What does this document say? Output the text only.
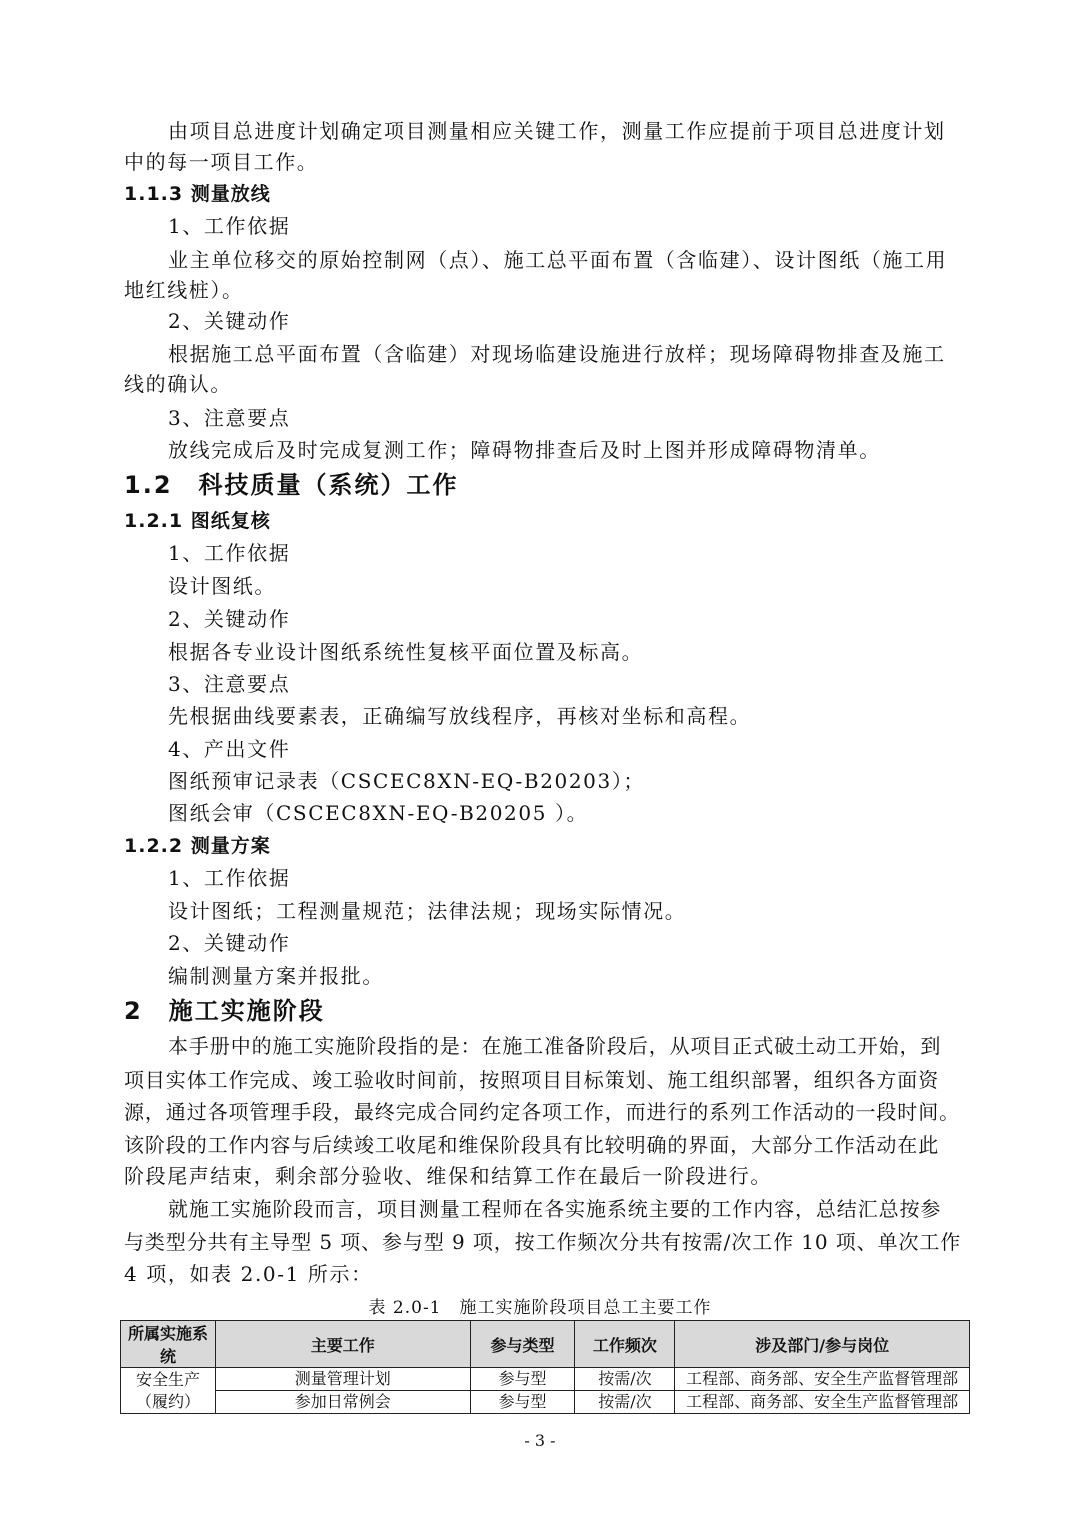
由项目总进度计划确定项目测量相应关键工作，测量工作应提前于项目总进度计划
中的每一项目工作。
1.1.3 测量放线
1、工作依据
业主单位移交的原始控制网（点）、施工总平面布置（含临建）、设计图纸（施工用
地红线桩）。
2、关键动作
根据施工总平面布置（含临建）对现场临建设施进行放样；现场障碍物排查及施工
线的确认。
3、注意要点
放线完成后及时完成复测工作；障碍物排查后及时上图并形成障碍物清单。
1.2　科技质量（系统）工作
1.2.1 图纸复核
1、工作依据
设计图纸。
2、关键动作
根据各专业设计图纸系统性复核平面位置及标高。
3、注意要点
先根据曲线要素表，正确编写放线程序，再核对坐标和高程。
4、产出文件
图纸预审记录表（CSCEC8XN-EQ-B20203）；
图纸会审（CSCEC8XN-EQ-B20205 ）。
1.2.2 测量方案
1、工作依据
设计图纸；工程测量规范；法律法规；现场实际情况。
2、关键动作
编制测量方案并报批。
2　施工实施阶段
本手册中的施工实施阶段指的是：在施工准备阶段后，从项目正式破土动工开始，到
项目实体工作完成、竣工验收时间前，按照项目目标策划、施工组织部署，组织各方面资
源，通过各项管理手段，最终完成合同约定各项工作，而进行的系列工作活动的一段时间。
该阶段的工作内容与后续竣工收尾和维保阶段具有比较明确的界面，大部分工作活动在此
阶段尾声结束，剩余部分验收、维保和结算工作在最后一阶段进行。
就施工实施阶段而言，项目测量工程师在各实施系统主要的工作内容，总结汇总按参
与类型分共有主导型 5 项、参与型 9 项，按工作频次分共有按需/次工作 10 项、单次工作
4 项，如表 2.0-1 所示：
表 2.0-1　施工实施阶段项目总工主要工作
所属实施系统	主要工作	参与类型	工作频次	涉及部门/参与岗位

安全生产
（履约）	测量管理计划	参与型	按需/次	工程部、商务部、安全生产监督管理部
	参加日常例会	参与型	按需/次	工程部、商务部、安全生产监督管理部
- 3 -
